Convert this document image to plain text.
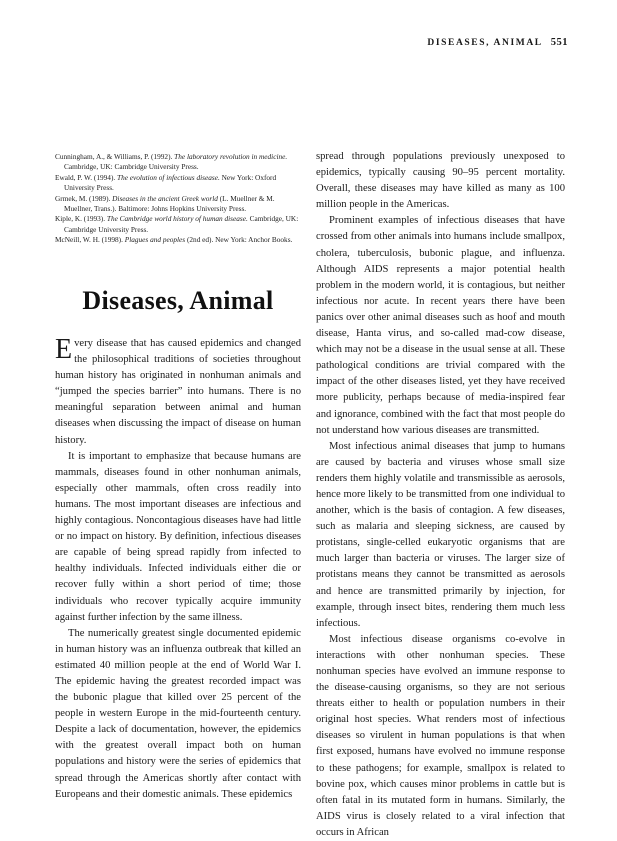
DISEASES, ANIMAL 551

Cunningham, A., & Williams, P. (1992). The laboratory revolution in medicine. Cambridge, UK: Cambridge University Press.

Ewald, P. W. (1994). The evolution of infectious disease. New York: Oxford University Press.

Grmek, M. (1989). Diseases in the ancient Greek world (L. Muellner & M. Muellner, Trans.). Baltimore: Johns Hopkins University Press.

Kiple, K. (1993). The Cambridge world history of human disease. Cambridge, UK: Cambridge University Press.

McNeill, W. H. (1998). Plagues and peoples (2nd ed). New York: Anchor Books.

Diseases, Animal

Every disease that has caused epidemics and changed the philosophical traditions of societies throughout human history has originated in nonhuman animals and “jumped the species barrier” into humans. There is no meaningful separation between animal and human diseases when discussing the impact of disease on human history.

It is important to emphasize that because humans are mammals, diseases found in other nonhuman animals, especially other mammals, often cross readily into humans. The most important diseases are infectious and highly contagious. Noncontagious diseases have had little or no impact on history. By definition, infectious diseases are capable of being spread rapidly from infected to healthy individuals. Infected individuals either die or recover fully within a short period of time; those individuals who recover typically acquire immunity against further infection by the same illness.

The numerically greatest single documented epidemic in human history was an influenza outbreak that killed an estimated 40 million people at the end of World War I. The epidemic having the greatest recorded impact was the bubonic plague that killed over 25 percent of the people in western Europe in the mid-fourteenth century. Despite a lack of documentation, however, the epidemics with the greatest overall impact both on human populations and history were the series of epidemics that spread through the Americas shortly after contact with Europeans and their domestic animals. These epidemics

spread through populations previously unexposed to epidemics, typically causing 90–95 percent mortality. Overall, these diseases may have killed as many as 100 million people in the Americas.

Prominent examples of infectious diseases that have crossed from other animals into humans include smallpox, cholera, tuberculosis, bubonic plague, and influenza. Although AIDS represents a major potential health problem in the modern world, it is contagious, but neither infectious nor acute. In recent years there have been panics over other animal diseases such as hoof and mouth disease, Hanta virus, and so-called mad-cow disease, which may not be a disease in the usual sense at all. These pathological conditions are trivial compared with the impact of the other diseases listed, yet they have received more publicity, perhaps because of media-inspired fear and ignorance, combined with the fact that most people do not understand how various diseases are transmitted.

Most infectious animal diseases that jump to humans are caused by bacteria and viruses whose small size renders them highly volatile and transmissible as aerosols, hence more likely to be transmitted from one individual to another, which is the basis of contagion. A few diseases, such as malaria and sleeping sickness, are caused by protistans, single-celled eukaryotic organisms that are much larger than bacteria or viruses. The larger size of protistans means they cannot be transmitted as aerosols and hence are transmitted primarily by injection, for example, through insect bites, rendering them much less infectious.

Most infectious disease organisms co-evolve in interactions with other nonhuman species. These nonhuman species have evolved an immune response to the disease-causing organisms, so they are not serious threats either to health or population numbers in their original host species. What renders most of infectious diseases so virulent in human populations is that when first exposed, humans have evolved no immune response to these pathogens; for example, smallpox is related to bovine pox, which causes minor problems in cattle but is often fatal in its mutated form in humans. Similarly, the AIDS virus is closely related to a viral infection that occurs in African
